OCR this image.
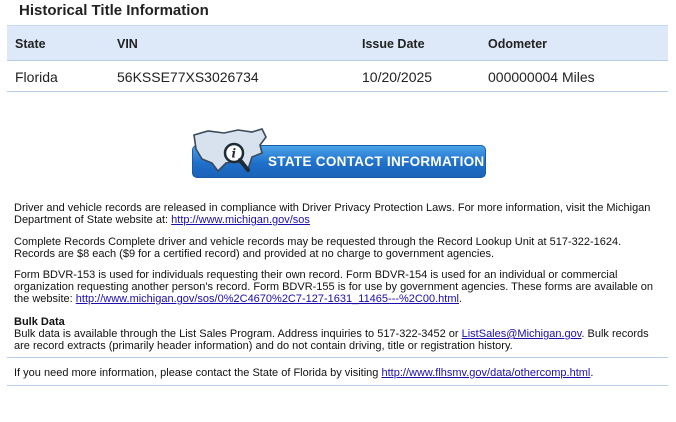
Historical Title Information
State	VIN	Issue Date	Odometer
Florida	56KSSE77XS3026734	10/20/2025	000000004 Miles
i
STATE CONTACT INFORMATION

Driver and vehicle records are released in compliance with Driver Privacy Protection Laws. For more information, visit the Michigan Department of State website at: http://www.michigan.gov/sos

Complete Records Complete driver and vehicle records may be requested through the Record Lookup Unit at 517-322-1624. Records are $8 each ($9 for a certified record) and provided at no charge to government agencies.

Form BDVR-153 is used for individuals requesting their own record. Form BDVR-154 is used for an individual or commercial organization requesting another person's record. Form BDVR-155 is for use by government agencies. These forms are available on the website: http://www.michigan.gov/sos/0%2C4670%2C7-127-1631_11465---%2C00.html.

Bulk Data
Bulk data is available through the List Sales Program. Address inquiries to 517-322-3452 or ListSales@Michigan.gov. Bulk records are record extracts (primarily header information) and do not contain driving, title or registration history.

If you need more information, please contact the State of Florida by visiting http://www.flhsmv.gov/data/othercomp.html.
